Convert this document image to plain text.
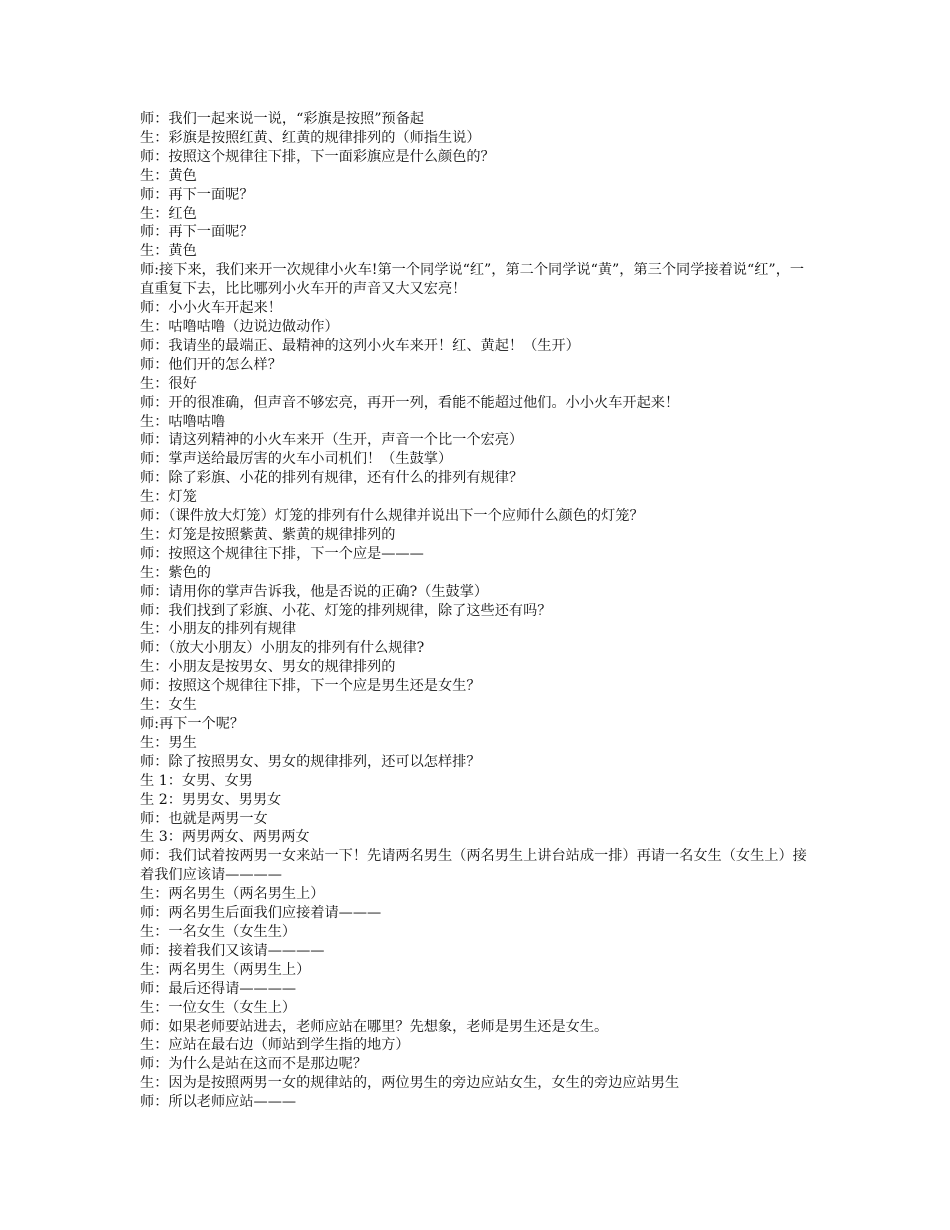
师：我们一起来说一说，“彩旗是按照”预备起

生：彩旗是按照红黄、红黄的规律排列的（师指生说）

师：按照这个规律往下排，下一面彩旗应是什么颜色的？

生：黄色

师：再下一面呢？

生：红色

师：再下一面呢？

生：黄色

师:接下来，我们来开一次规律小火车!第一个同学说“红”，第二个同学说“黄”，第三个同学接着说“红”，一直重复下去，比比哪列小火车开的声音又大又宏亮！

师：小小火车开起来！

生：咕噜咕噜（边说边做动作）

师：我请坐的最端正、最精神的这列小火车来开！红、黄起！（生开）

师：他们开的怎么样？

生：很好

师：开的很准确，但声音不够宏亮，再开一列，看能不能超过他们。小小火车开起来！

生：咕噜咕噜

师：请这列精神的小火车来开（生开，声音一个比一个宏亮）

师：掌声送给最厉害的火车小司机们！（生鼓掌）

师：除了彩旗、小花的排列有规律，还有什么的排列有规律？

生：灯笼

师：（课件放大灯笼）灯笼的排列有什么规律并说出下一个应师什么颜色的灯笼？

生：灯笼是按照紫黄、紫黄的规律排列的

师：按照这个规律往下排，下一个应是———

生：紫色的

师：请用你的掌声告诉我，他是否说的正确?（生鼓掌）

师：我们找到了彩旗、小花、灯笼的排列规律，除了这些还有吗？

生：小朋友的排列有规律

师：（放大小朋友）小朋友的排列有什么规律?

生：小朋友是按男女、男女的规律排列的

师：按照这个规律往下排，下一个应是男生还是女生？

生：女生

师:再下一个呢？

生：男生

师：除了按照男女、男女的规律排列，还可以怎样排？

生 1：女男、女男

生 2：男男女、男男女

师：也就是两男一女

生 3：两男两女、两男两女

师：我们试着按两男一女来站一下！先请两名男生（两名男生上讲台站成一排）再请一名女生（女生上）接着我们应该请————

生：两名男生（两名男生上）

师：两名男生后面我们应接着请———

生：一名女生（女生生）

师：接着我们又该请————

生：两名男生（两男生上）

师：最后还得请————

生：一位女生（女生上）

师：如果老师要站进去，老师应站在哪里？先想象，老师是男生还是女生。

生：应站在最右边（师站到学生指的地方）

师：为什么是站在这而不是那边呢？

生：因为是按照两男一女的规律站的，两位男生的旁边应站女生，女生的旁边应站男生

师：所以老师应站———
